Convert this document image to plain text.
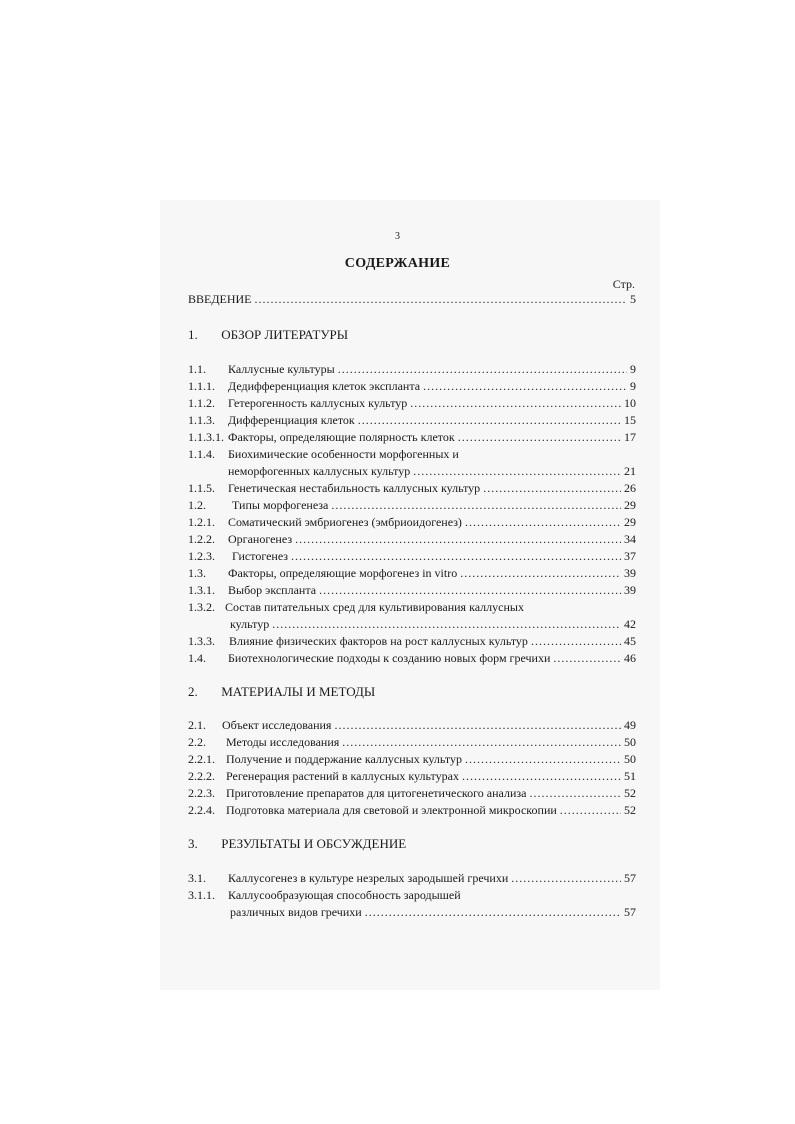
3
СОДЕРЖАНИЕ
Стр.
ВВЕДЕНИЕ .....	5
1. ОБЗОР ЛИТЕРАТУРЫ
1.1.	Каллусные культуры .....	9
1.1.1.	Дедифференциация клеток экспланта .....	9
1.1.2.	Гетерогенность каллусных культур .....	10
1.1.3.	Дифференциация клеток .....	15
1.1.3.1. Факторы, определяющие полярность клеток .....	17
1.1.4. Биохимические особенности морфогенных и
неморфогенных каллусных культур .....	21
1.1.5.	Генетическая нестабильность каллусных культур .....	26
1.2.	Типы морфогенеза .....	29
1.2.1.	Соматический эмбриогенез (эмбриоидогенез) .....	29
1.2.2.	Органогенез .....	34
1.2.3.	Гистогенез .....	37
1.3.	Факторы, определяющие морфогенез in vitro .....	39
1.3.1.	Выбор экспланта .....	39
1.3.2. Состав питательных сред для культивирования каллусных
культур .....	42
1.3.3.	Влияние физических факторов на рост каллусных культур .....	45
1.4.	Биотехнологические подходы к созданию новых форм гречихи .....	46
2. МАТЕРИАЛЫ И МЕТОДЫ
2.1.	Объект исследования .....	49
2.2.	Методы исследования .....	50
2.2.1. Получение и поддержание каллусных культур .....	50
2.2.2. Регенерация растений в каллусных культурах .....	51
2.2.3. Приготовление препаратов для цитогенетического анализа .....	52
2.2.4. Подготовка материала для световой и электронной микроскопии .....	52
3. РЕЗУЛЬТАТЫ И ОБСУЖДЕНИЕ
3.1.	Каллусогенез в культуре незрелых зародышей гречихи .....	57
3.1.1. Каллусообразующая способность зародышей
различных видов гречихи .....	57
